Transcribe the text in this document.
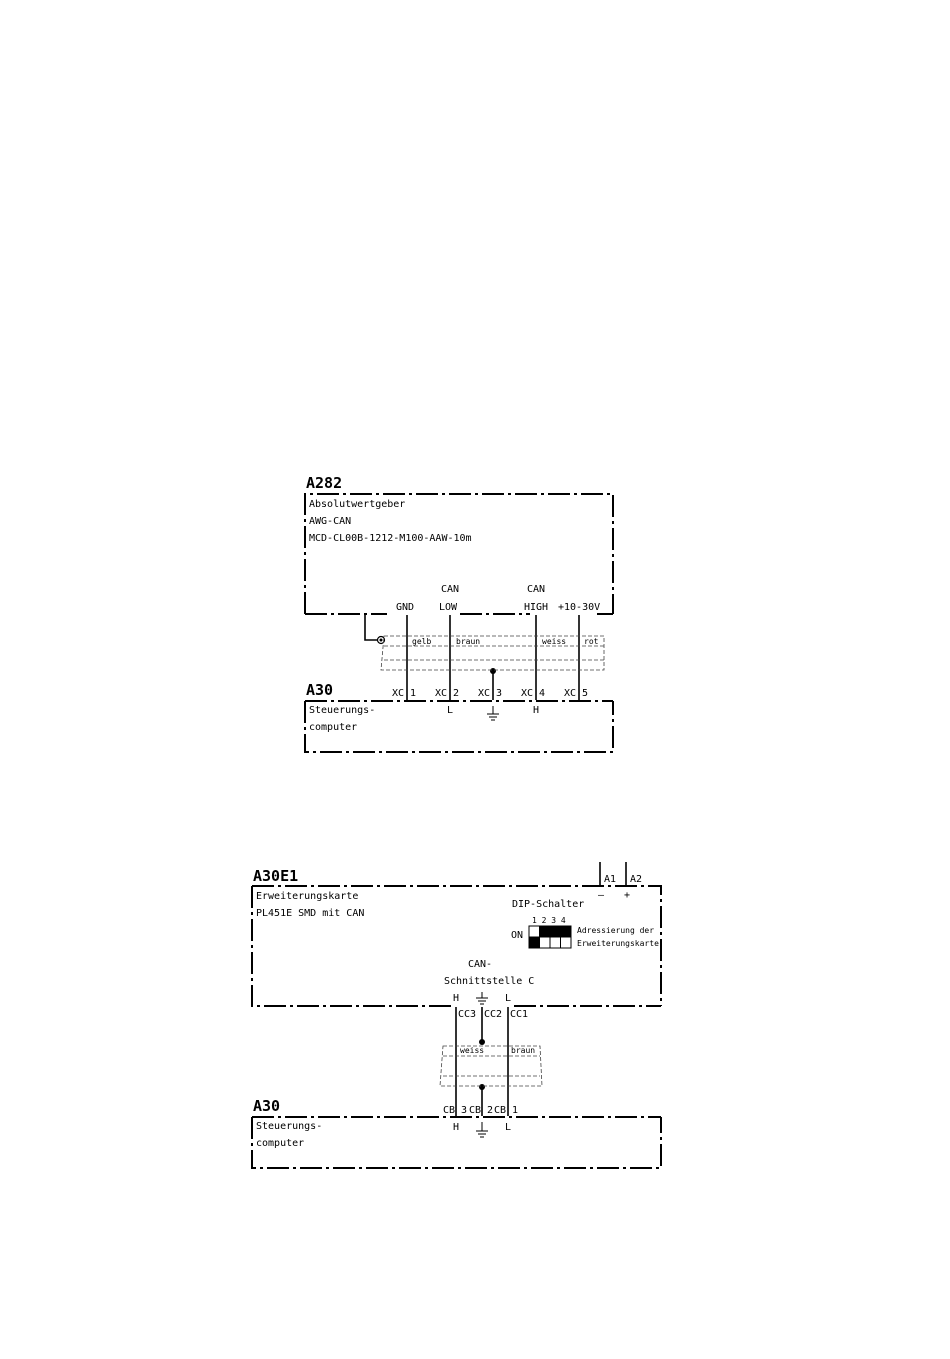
A282
Absolutwertgeber
AWG-CAN
MCD-CL00B-1212-M100-AAW-10m
GND
CAN
LOW
CAN
HIGH +10-30V
gelb	braun	weiss rot
XC 1 XC 2 XC 3 XC 4 XC 5
A30
Steuerungs-
computer
L	H
A30E1
Erweiterungskarte
PL451E SMD mit CAN
A1 A2
– +
DIP-Schalter
1 2 3 4
ON	Adressierung der
Erweiterungskarte
CAN-
Schnittstelle C
H	L
CC3 CC2 CC1
weiss	braun
CB 3 CB 2 CB 1
A30
Steuerungs-
computer
H	L
